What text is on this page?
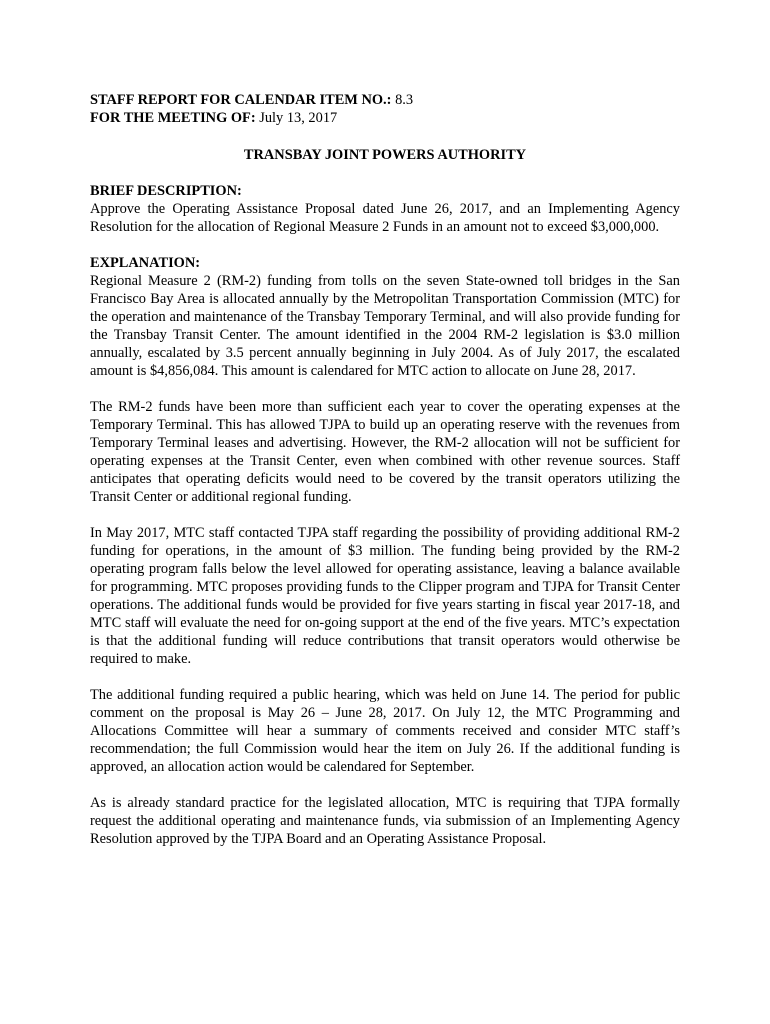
STAFF REPORT FOR CALENDAR ITEM NO.: 8.3

FOR THE MEETING OF: July 13, 2017

TRANSBAY JOINT POWERS AUTHORITY

BRIEF DESCRIPTION:

Approve the Operating Assistance Proposal dated June 26, 2017, and an Implementing Agency Resolution for the allocation of Regional Measure 2 Funds in an amount not to exceed $3,000,000.

EXPLANATION:

Regional Measure 2 (RM-2) funding from tolls on the seven State-owned toll bridges in the San Francisco Bay Area is allocated annually by the Metropolitan Transportation Commission (MTC) for the operation and maintenance of the Transbay Temporary Terminal, and will also provide funding for the Transbay Transit Center. The amount identified in the 2004 RM-2 legislation is $3.0 million annually, escalated by 3.5 percent annually beginning in July 2004. As of July 2017, the escalated amount is $4,856,084. This amount is calendared for MTC action to allocate on June 28, 2017.

The RM-2 funds have been more than sufficient each year to cover the operating expenses at the Temporary Terminal. This has allowed TJPA to build up an operating reserve with the revenues from Temporary Terminal leases and advertising. However, the RM-2 allocation will not be sufficient for operating expenses at the Transit Center, even when combined with other revenue sources. Staff anticipates that operating deficits would need to be covered by the transit operators utilizing the Transit Center or additional regional funding.

In May 2017, MTC staff contacted TJPA staff regarding the possibility of providing additional RM-2 funding for operations, in the amount of $3 million. The funding being provided by the RM-2 operating program falls below the level allowed for operating assistance, leaving a balance available for programming. MTC proposes providing funds to the Clipper program and TJPA for Transit Center operations. The additional funds would be provided for five years starting in fiscal year 2017-18, and MTC staff will evaluate the need for on-going support at the end of the five years. MTC’s expectation is that the additional funding will reduce contributions that transit operators would otherwise be required to make.

The additional funding required a public hearing, which was held on June 14. The period for public comment on the proposal is May 26 – June 28, 2017. On July 12, the MTC Programming and Allocations Committee will hear a summary of comments received and consider MTC staff’s recommendation; the full Commission would hear the item on July 26. If the additional funding is approved, an allocation action would be calendared for September.

As is already standard practice for the legislated allocation, MTC is requiring that TJPA formally request the additional operating and maintenance funds, via submission of an Implementing Agency Resolution approved by the TJPA Board and an Operating Assistance Proposal.
